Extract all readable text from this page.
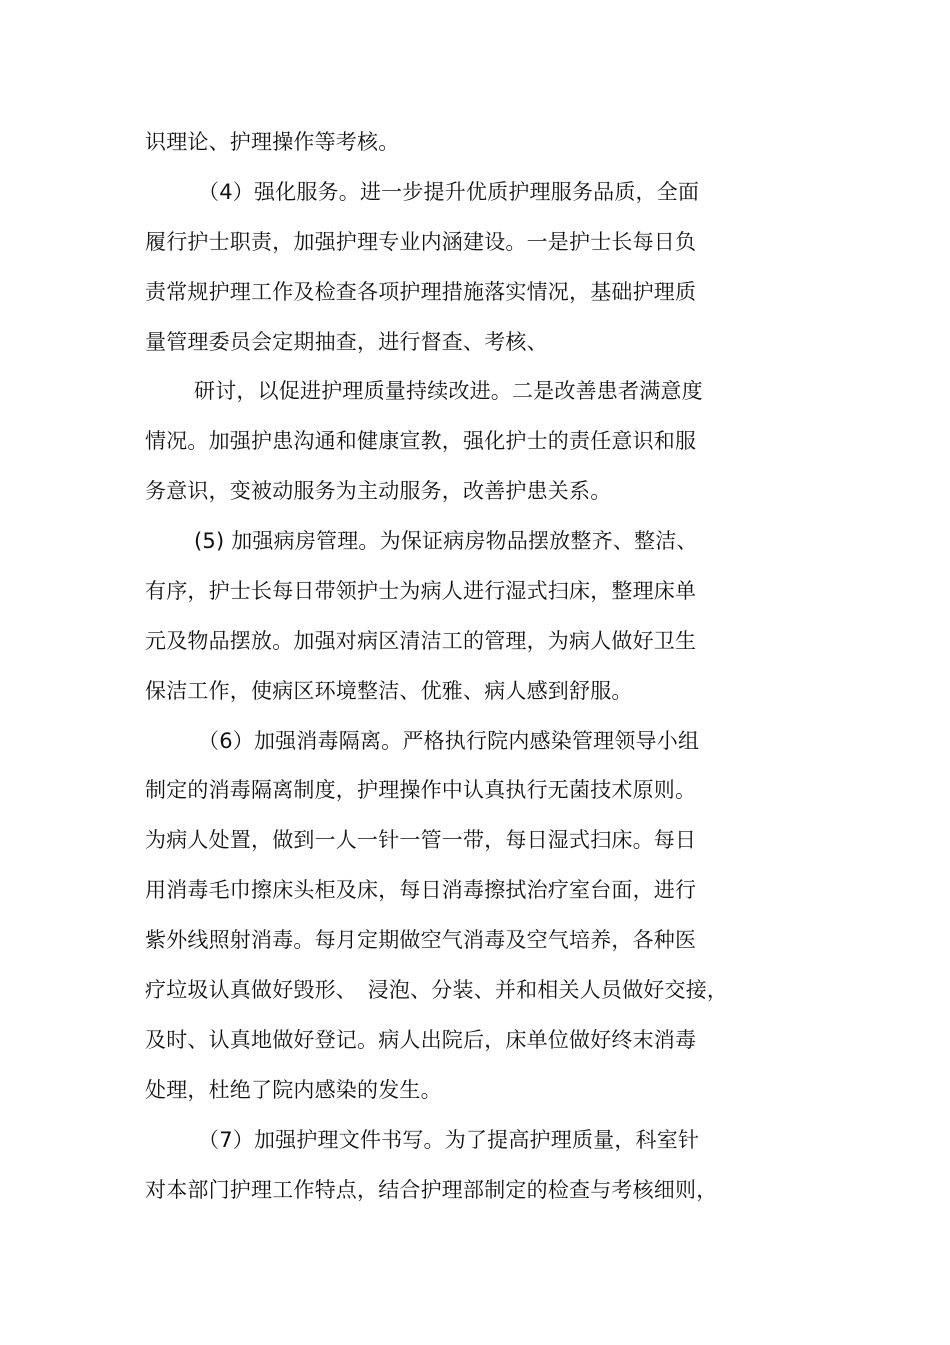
识理论、护理操作等考核。
（4）强化服务。进一步提升优质护理服务品质，全面
履行护士职责，加强护理专业内涵建设。一是护士长每日负
责常规护理工作及检查各项护理措施落实情况，基础护理质
量管理委员会定期抽查，进行督查、考核、
研讨，以促进护理质量持续改进。二是改善患者满意度
情况。加强护患沟通和健康宣教，强化护士的责任意识和服
务意识，变被动服务为主动服务，改善护患关系。
(5) 加强病房管理。为保证病房物品摆放整齐、整洁、
有序，护士长每日带领护士为病人进行湿式扫床，整理床单
元及物品摆放。加强对病区清洁工的管理，为病人做好卫生
保洁工作，使病区环境整洁、优雅、病人感到舒服。
（6）加强消毒隔离。严格执行院内感染管理领导小组
制定的消毒隔离制度，护理操作中认真执行无菌技术原则。
为病人处置，做到一人一针一管一带，每日湿式扫床。每日
用消毒毛巾擦床头柜及床，每日消毒擦拭治疗室台面，进行
紫外线照射消毒。每月定期做空气消毒及空气培养，各种医
疗垃圾认真做好毁形、　浸泡、分装、并和相关人员做好交接，
及时、认真地做好登记。病人出院后，床单位做好终末消毒
处理，杜绝了院内感染的发生。
（7）加强护理文件书写。为了提高护理质量，科室针
对本部门护理工作特点，结合护理部制定的检查与考核细则，
